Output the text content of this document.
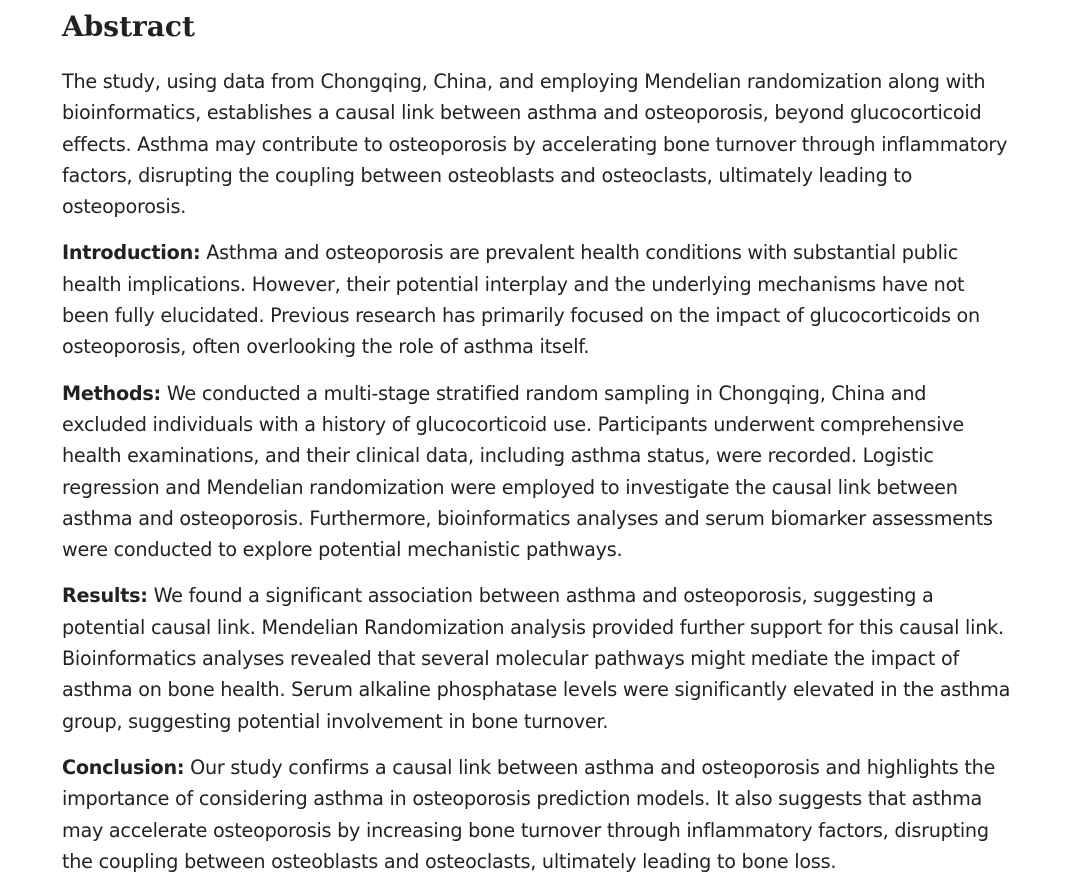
Abstract

The study, using data from Chongqing, China, and employing Mendelian randomization along with bioinformatics, establishes a causal link between asthma and osteoporosis, beyond glucocorticoid effects. Asthma may contribute to osteoporosis by accelerating bone turnover through inflammatory factors, disrupting the coupling between osteoblasts and osteoclasts, ultimately leading to osteoporosis.

Introduction: Asthma and osteoporosis are prevalent health conditions with substantial public health implications. However, their potential interplay and the underlying mechanisms have not been fully elucidated. Previous research has primarily focused on the impact of glucocorticoids on osteoporosis, often overlooking the role of asthma itself.

Methods: We conducted a multi-stage stratified random sampling in Chongqing, China and excluded individuals with a history of glucocorticoid use. Participants underwent comprehensive health examinations, and their clinical data, including asthma status, were recorded. Logistic regression and Mendelian randomization were employed to investigate the causal link between asthma and osteoporosis. Furthermore, bioinformatics analyses and serum biomarker assessments were conducted to explore potential mechanistic pathways.

Results: We found a significant association between asthma and osteoporosis, suggesting a potential causal link. Mendelian Randomization analysis provided further support for this causal link. Bioinformatics analyses revealed that several molecular pathways might mediate the impact of asthma on bone health. Serum alkaline phosphatase levels were significantly elevated in the asthma group, suggesting potential involvement in bone turnover.

Conclusion: Our study confirms a causal link between asthma and osteoporosis and highlights the importance of considering asthma in osteoporosis prediction models. It also suggests that asthma may accelerate osteoporosis by increasing bone turnover through inflammatory factors, disrupting the coupling between osteoblasts and osteoclasts, ultimately leading to bone loss.
